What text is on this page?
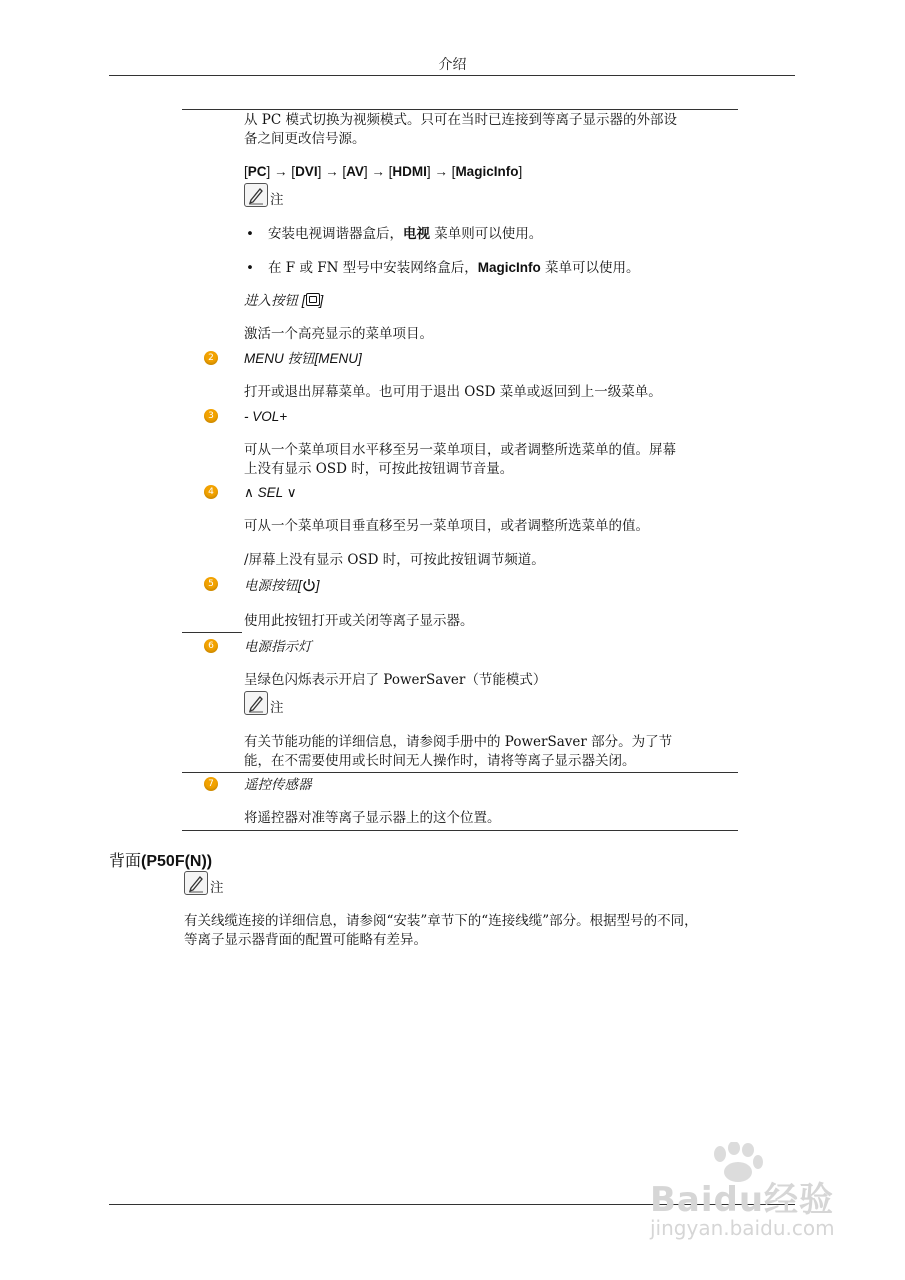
介绍
从 PC 模式切换为视频模式。只可在当时已连接到等离子显示器的外部设
备之间更改信号源。
[PC] → [DVI] → [AV] → [HDMI] → [MagicInfo]
注
• 安装电视调谐器盒后，电视 菜单则可以使用。
• 在 F 或 FN 型号中安装网络盒后，MagicInfo 菜单可以使用。
进入按钮 [ ]
激活一个高亮显示的菜单项目。
2	MENU 按钮[MENU]
打开或退出屏幕菜单。也可用于退出 OSD 菜单或返回到上一级菜单。
3	- VOL+
可从一个菜单项目水平移至另一菜单项目，或者调整所选菜单的值。屏幕
上没有显示 OSD 时，可按此按钮调节音量。
4	∧ SEL ∨
可从一个菜单项目垂直移至另一菜单项目，或者调整所选菜单的值。
/屏幕上没有显示 OSD 时，可按此按钮调节频道。
5	电源按钮[ ]
使用此按钮打开或关闭等离子显示器。
6	电源指示灯
呈绿色闪烁表示开启了 PowerSaver（节能模式）
注
有关节能功能的详细信息，请参阅手册中的 PowerSaver 部分。为了节
能，在不需要使用或长时间无人操作时，请将等离子显示器关闭。
7	遥控传感器
将遥控器对准等离子显示器上的这个位置。
背面(P50F(N))
注
有关线缆连接的详细信息，请参阅“安装”章节下的“连接线缆”部分。根据型号的不同，
等离子显示器背面的配置可能略有差异。
Baidu经验
jingyan.baidu.com
